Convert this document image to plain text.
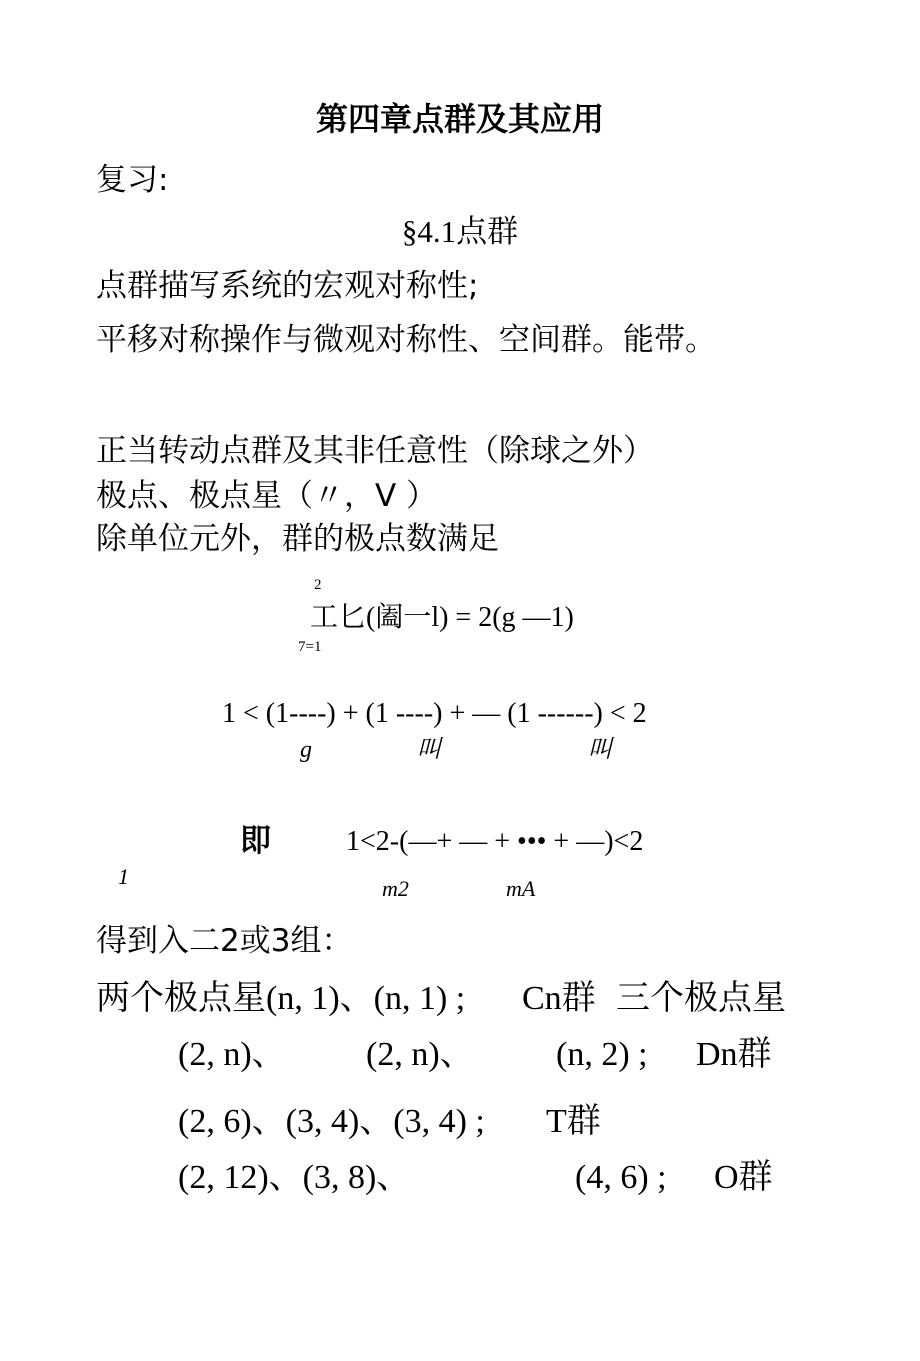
第四章点群及其应用
复习:
§4.1点群
点群描写系统的宏观对称性;
平移对称操作与微观对称性、空间群。能带。
正当转动点群及其非任意性（除球之外）
极点、极点星（〃，V ）
除单位元外，群的极点数满足
2
工匕(阖一l) = 2(g —1)
7=1
1 < (1----) + (1 ----) + — (1 ------) < 2
g	叫	叫
即	1<2-(—+ — + ••• + —)<2
1	m2	mA
得到入二2或3组：
两个极点星(n, 1)、(n, 1) ; Cn群 三个极点星
(2, n)、 (2, n)、 (n, 2) ; Dn群
(2, 6)、(3, 4)、(3, 4) ; T群
(2, 12)、(3, 8)、	(4, 6) ; O群
